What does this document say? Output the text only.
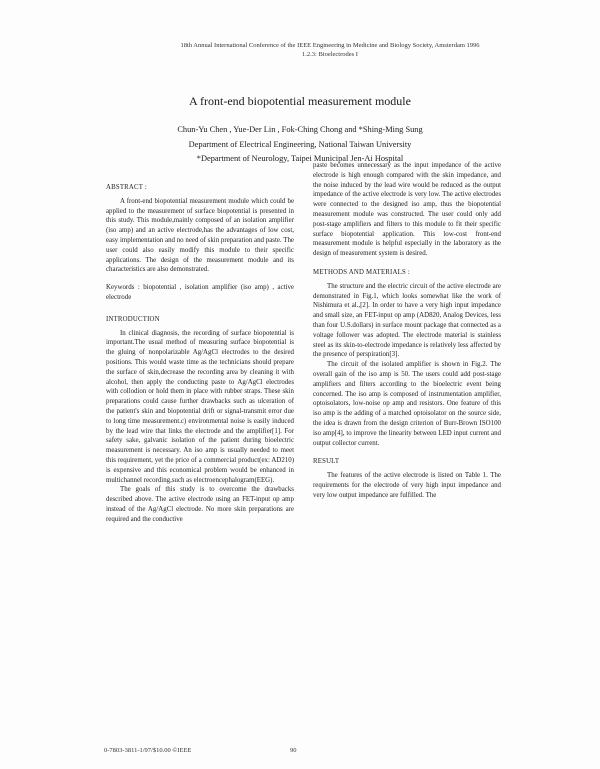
18th Annual International Conference of the IEEE Engineering in Medicine and Biology Society, Amsterdam 1996
1.2.3: Bioelectrodes I
A front-end biopotential measurement module
Chun-Yu Chen , Yue-Der Lin , Fok-Ching Chong and *Shing-Ming Sung
Department of Electrical Engineering, National Taiwan University
*Department of Neurology, Taipei Municipal Jen-Ai Hospital
ABSTRACT :

A front-end biopotential measurement module which could be applied to the measurement of surface biopotential is presented in this study. This module,mainly composed of an isolation amplifier (iso amp) and an active electrode,has the advantages of low cost, easy implementation and no need of skin preparation and paste. The user could also easily modify this module to their specific applications. The design of the measurement module and its characteristics are also demonstrated.

Keywords : biopotential , isolation amplifier (iso amp) , active electrode

INTRODUCTION

In clinical diagnosis, the recording of surface biopotential is important.The usual method of measuring surface biopotential is the gluing of nonpolarizable Ag/AgCl electrodes to the desired positions. This would waste time as the technicians should prepare the surface of skin,decrease the recording area by cleaning it with alcohol, then apply the conducting paste to Ag/AgCl electrodes with collodion or hold them in place with rubber straps. These skin preparations could cause further drawbacks such as ulceration of the patient's skin and biopotential drift or signal-transmit error due to long time measurement.c) environmental noise is easily induced by the lead wire that links the electrode and the amplifier[1]. For safety sake, galvanic isolation of the patient during bioelectric measurement is necessary. An iso amp is usually needed to meet this requirement, yet the price of a commercial product(ex: AD210) is expensive and this economical problem would be enhanced in multichannel recording,such as electroencephalogram(EEG).

The goals of this study is to overcome the drawbacks described above. The active electrode using an FET-input op amp instead of the Ag/AgCl electrode. No more skin preparations are required and the conductive

paste becomes unnecessary as the input impedance of the active electrode is high enough compared with the skin impedance, and the noise induced by the lead wire would be reduced as the output impedance of the active electrode is very low. The active electrodes were connected to the designed iso amp, thus the biopotential measurement module was constructed. The user could only add post-stage amplifiers and filters to this module to fit their specific surface biopotential application. This low-cost front-end measurement module is helpful especially in the laboratory as the design of measurement system is desired.

METHODS AND MATERIALS :

The structure and the electric circuit of the active electrode are demonstrated in Fig.1, which looks somewhat like the work of Nishimura et al.,[2]. In order to have a very high input impedance and small size, an FET-input op amp (AD820, Analog Devices, less than four U.S.dollars) in surface mount package that connected as a voltage follower was adopted. The electrode material is stainless steel as its skin-to-electrode impedance is relatively less affected by the presence of perspiration[3].

The circuit of the isolated amplifier is shown in Fig.2. The overall gain of the iso amp is 50. The users could add post-stage amplifiers and filters according to the bioelectric event being concerned. The iso amp is composed of instrumentation amplifier, optoisolators, low-noise op amp and resistors. One feature of this iso amp is the adding of a matched optoisolator on the source side, the idea is drawn from the design criterion of Burr-Brown ISO100 iso amp[4], to improve the linearity between LED input current and output collector current.

RESULT

The features of the active electrode is listed on Table 1. The requirements for the electrode of very high input impedance and very low output impedance are fulfilled. The

0-7803-3811-1/97/$10.00 ©IEEE	90
